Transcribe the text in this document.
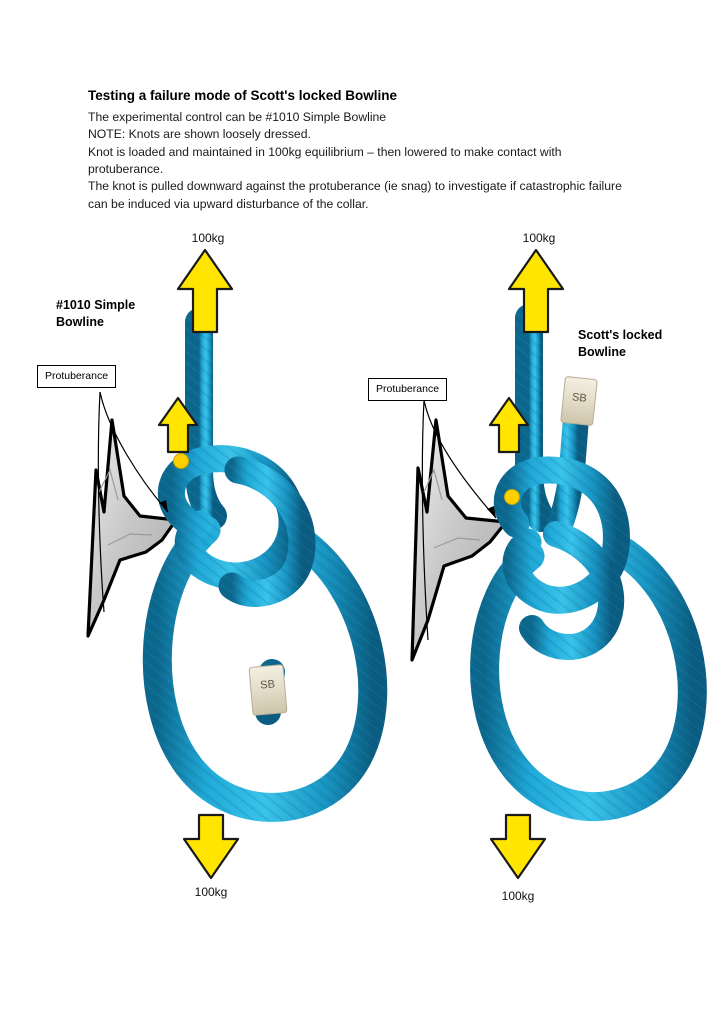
SB
SB

Testing a failure mode of Scott's locked Bowline

The experimental control can be #1010 Simple Bowline

NOTE: Knots are shown loosely dressed.

Knot is loaded and maintained in 100kg equilibrium – then lowered to make contact with

protuberance.

The knot is pulled downward against the protuberance (ie snag) to investigate if catastrophic failure

can be induced via upward disturbance of the collar.

#1010 Simple Bowline
Scott's locked Bowline
Protuberance
Protuberance
100kg
100kg
100kg
100kg
